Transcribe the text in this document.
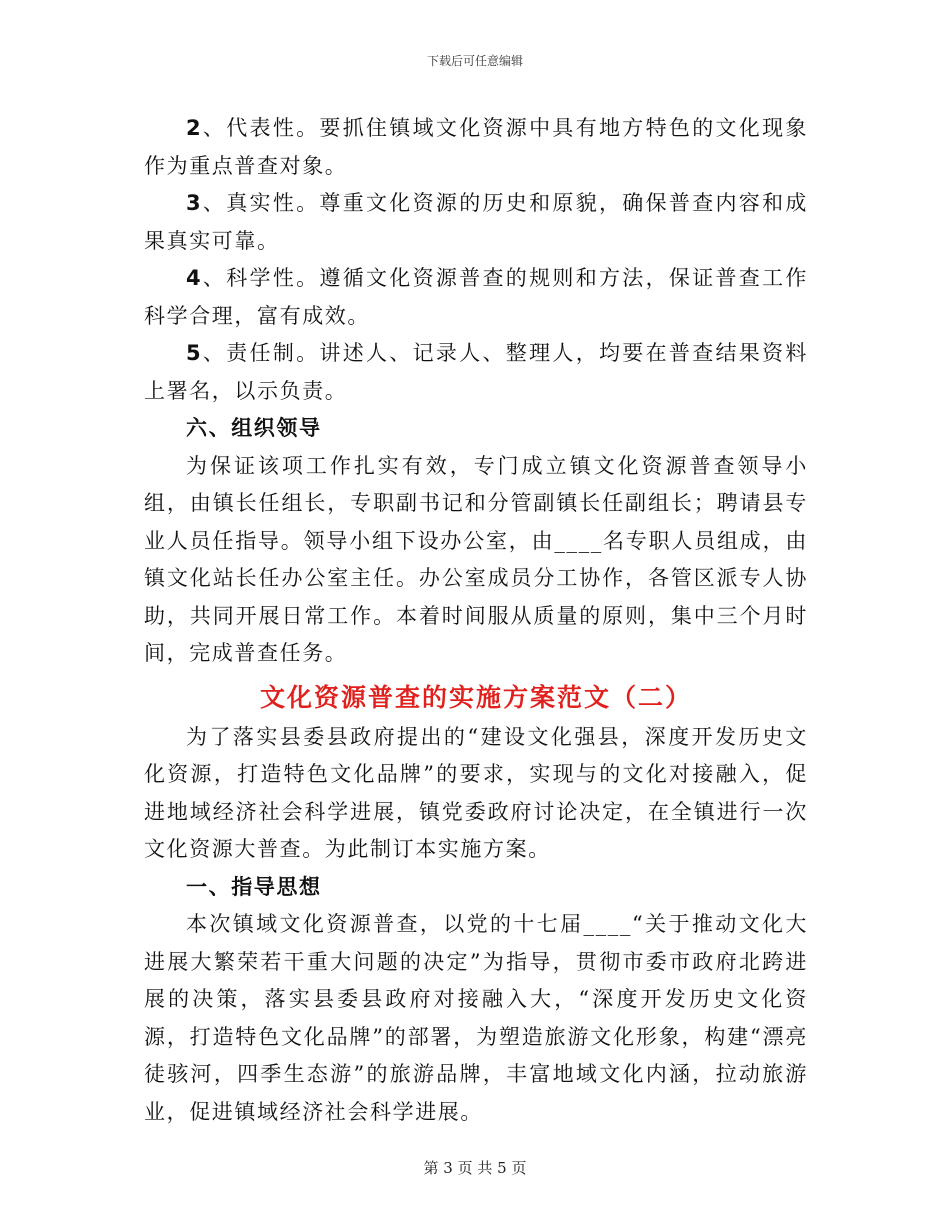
下载后可任意编辑

2、代表性。要抓住镇域文化资源中具有地方特色的文化现象作为重点普查对象。

3、真实性。尊重文化资源的历史和原貌，确保普查内容和成果真实可靠。

4、科学性。遵循文化资源普查的规则和方法，保证普查工作科学合理，富有成效。

5、责任制。讲述人、记录人、整理人，均要在普查结果资料上署名，以示负责。

六、组织领导

为保证该项工作扎实有效，专门成立镇文化资源普查领导小组，由镇长任组长，专职副书记和分管副镇长任副组长；聘请县专业人员任指导。领导小组下设办公室，由____名专职人员组成，由镇文化站长任办公室主任。办公室成员分工协作，各管区派专人协助，共同开展日常工作。本着时间服从质量的原则，集中三个月时间，完成普查任务。

文化资源普查的实施方案范文（二）

为了落实县委县政府提出的“建设文化强县，深度开发历史文化资源，打造特色文化品牌”的要求，实现与的文化对接融入，促进地域经济社会科学进展，镇党委政府讨论决定，在全镇进行一次文化资源大普查。为此制订本实施方案。

一、指导思想

本次镇域文化资源普查，以党的十七届____“关于推动文化大进展大繁荣若干重大问题的决定”为指导，贯彻市委市政府北跨进展的决策，落实县委县政府对接融入大，“深度开发历史文化资源，打造特色文化品牌”的部署，为塑造旅游文化形象，构建“漂亮徒骇河，四季生态游”的旅游品牌，丰富地域文化内涵，拉动旅游业，促进镇域经济社会科学进展。

第 3 页 共 5 页
